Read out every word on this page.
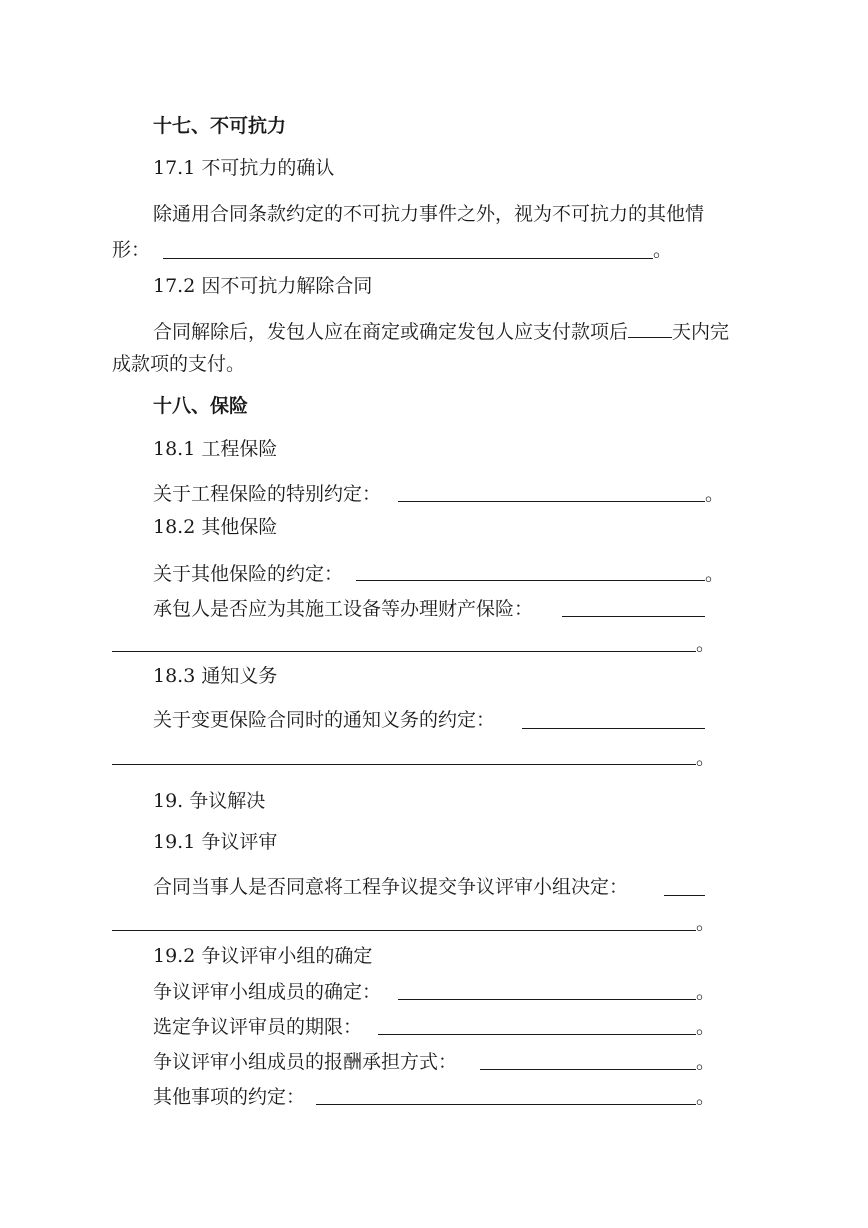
十七、不可抗力
17.1 不可抗力的确认
除通用合同条款约定的不可抗力事件之外，视为不可抗力的其他情
形：	。
17.2 因不可抗力解除合同
合同解除后，发包人应在商定或确定发包人应支付款项后 天内完
成款项的支付。
十八、保险
18.1 工程保险
关于工程保险的特别约定：	。
18.2 其他保险
关于其他保险的约定：	。
承包人是否应为其施工设备等办理财产保险：
。
18.3 通知义务
关于变更保险合同时的通知义务的约定：
。
19. 争议解决
19.1 争议评审
合同当事人是否同意将工程争议提交争议评审小组决定：
。
19.2 争议评审小组的确定
争议评审小组成员的确定：	。
选定争议评审员的期限：	。
争议评审小组成员的报酬承担方式：	。
其他事项的约定：	。
